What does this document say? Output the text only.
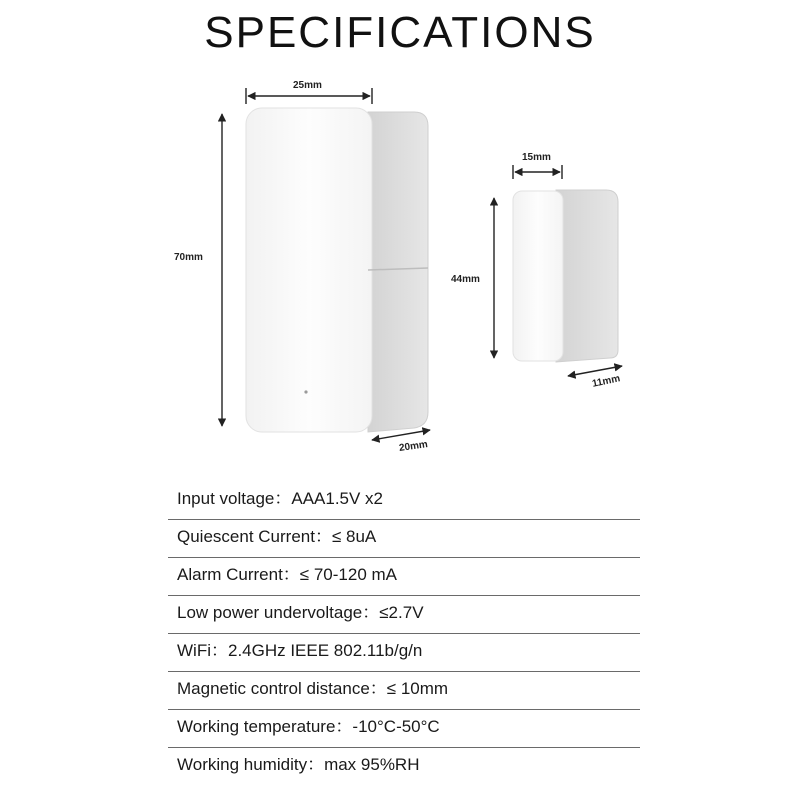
SPECIFICATIONS
25mm
70mm
20mm
15mm
44mm
11mm
Input voltage：AAA1.5V x2
Quiescent Current：≤ 8uA
Alarm Current：≤ 70-120 mA
Low power undervoltage：≤2.7V
WiFi：2.4GHz IEEE 802.11b/g/n
Magnetic control distance：≤ 10mm
Working temperature：-10°C-50°C
Working humidity：max 95%RH
